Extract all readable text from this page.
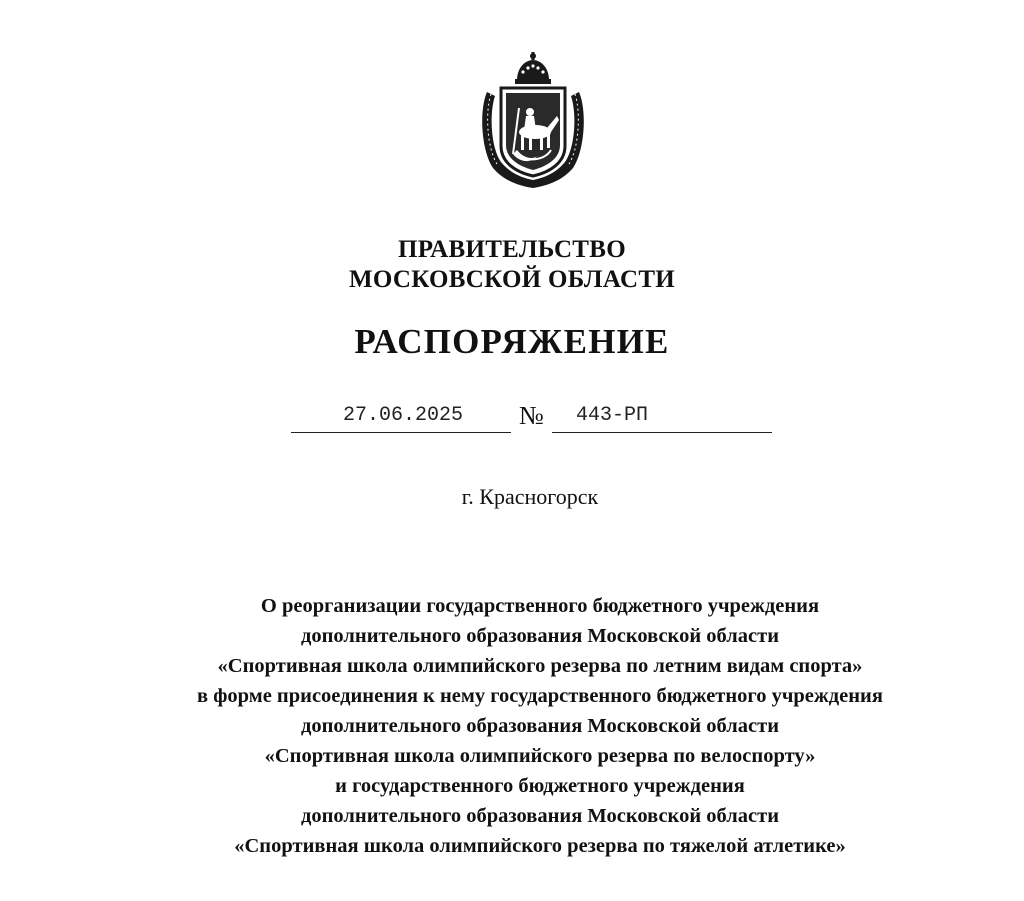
ПРАВИТЕЛЬСТВО
МОСКОВСКОЙ ОБЛАСТИ
РАСПОРЯЖЕНИЕ
27.06.2025 № 443-РП
г. Красногорск
О реорганизации государственного бюджетного учреждения
дополнительного образования Московской области
«Спортивная школа олимпийского резерва по летним видам спорта»
в форме присоединения к нему государственного бюджетного учреждения
дополнительного образования Московской области
«Спортивная школа олимпийского резерва по велоспорту»
и государственного бюджетного учреждения
дополнительного образования Московской области
«Спортивная школа олимпийского резерва по тяжелой атлетике»
